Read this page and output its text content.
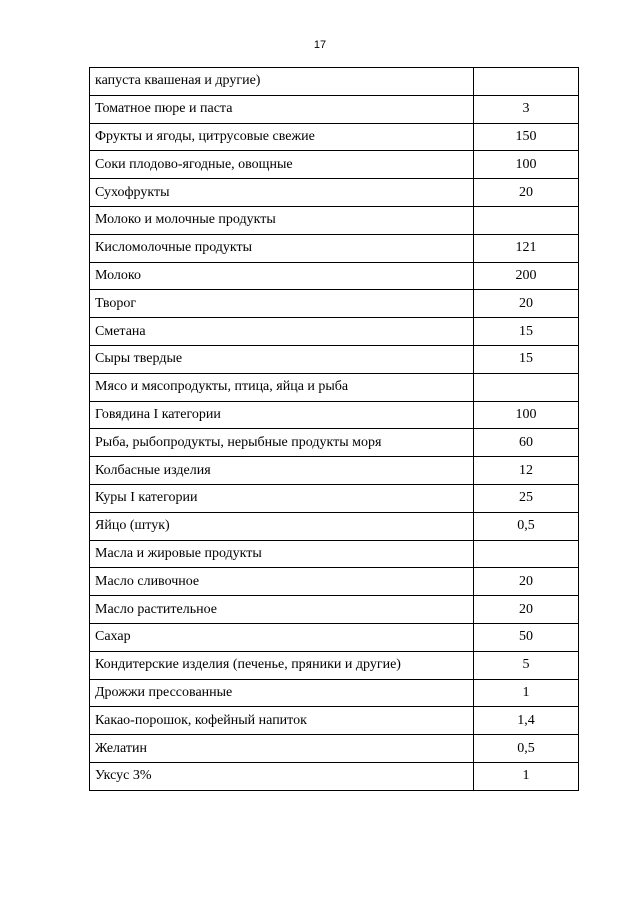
17
капуста квашеная и другие)	
Томатное пюре и паста	3
Фрукты и ягоды, цитрусовые свежие	150
Соки плодово-ягодные, овощные	100
Сухофрукты	20
Молоко и молочные продукты	
Кисломолочные продукты	121
Молоко	200
Творог	20
Сметана	15
Сыры твердые	15
Мясо и мясопродукты, птица, яйца и рыба	
Говядина I категории	100
Рыба, рыбопродукты, нерыбные продукты моря	60
Колбасные изделия	12
Куры I категории	25
Яйцо (штук)	0,5
Масла и жировые продукты	
Масло сливочное	20
Масло растительное	20
Сахар	50
Кондитерские изделия (печенье, пряники и другие)	5
Дрожжи прессованные	1
Какао-порошок, кофейный напиток	1,4
Желатин	0,5
Уксус 3%	1
